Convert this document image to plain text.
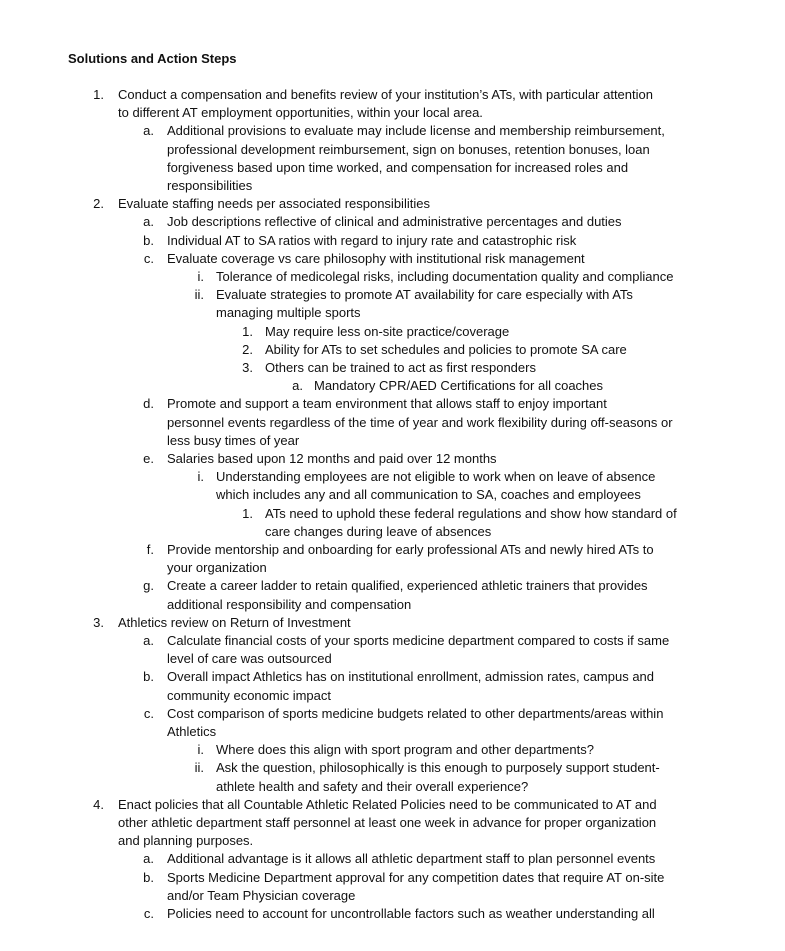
Solutions and Action Steps
1. Conduct a compensation and benefits review of your institution’s ATs, with particular attention
to different AT employment opportunities, within your local area.
a. Additional provisions to evaluate may include license and membership reimbursement,
professional development reimbursement, sign on bonuses, retention bonuses, loan
forgiveness based upon time worked, and compensation for increased roles and
responsibilities
2. Evaluate staffing needs per associated responsibilities
a. Job descriptions reflective of clinical and administrative percentages and duties
b. Individual AT to SA ratios with regard to injury rate and catastrophic risk
c. Evaluate coverage vs care philosophy with institutional risk management
i. Tolerance of medicolegal risks, including documentation quality and compliance
ii. Evaluate strategies to promote AT availability for care especially with ATs
managing multiple sports
1. May require less on-site practice/coverage
2. Ability for ATs to set schedules and policies to promote SA care
3. Others can be trained to act as first responders
a. Mandatory CPR/AED Certifications for all coaches
d. Promote and support a team environment that allows staff to enjoy important
personnel events regardless of the time of year and work flexibility during off-seasons or
less busy times of year
e. Salaries based upon 12 months and paid over 12 months
i. Understanding employees are not eligible to work when on leave of absence
which includes any and all communication to SA, coaches and employees
1. ATs need to uphold these federal regulations and show how standard of
care changes during leave of absences
f. Provide mentorship and onboarding for early professional ATs and newly hired ATs to
your organization
g. Create a career ladder to retain qualified, experienced athletic trainers that provides
additional responsibility and compensation
3. Athletics review on Return of Investment
a. Calculate financial costs of your sports medicine department compared to costs if same
level of care was outsourced
b. Overall impact Athletics has on institutional enrollment, admission rates, campus and
community economic impact
c. Cost comparison of sports medicine budgets related to other departments/areas within
Athletics
i. Where does this align with sport program and other departments?
ii. Ask the question, philosophically is this enough to purposely support student-
athlete health and safety and their overall experience?
4. Enact policies that all Countable Athletic Related Policies need to be communicated to AT and
other athletic department staff personnel at least one week in advance for proper organization
and planning purposes.
a. Additional advantage is it allows all athletic department staff to plan personnel events
b. Sports Medicine Department approval for any competition dates that require AT on-site
and/or Team Physician coverage
c. Policies need to account for uncontrollable factors such as weather understanding all
